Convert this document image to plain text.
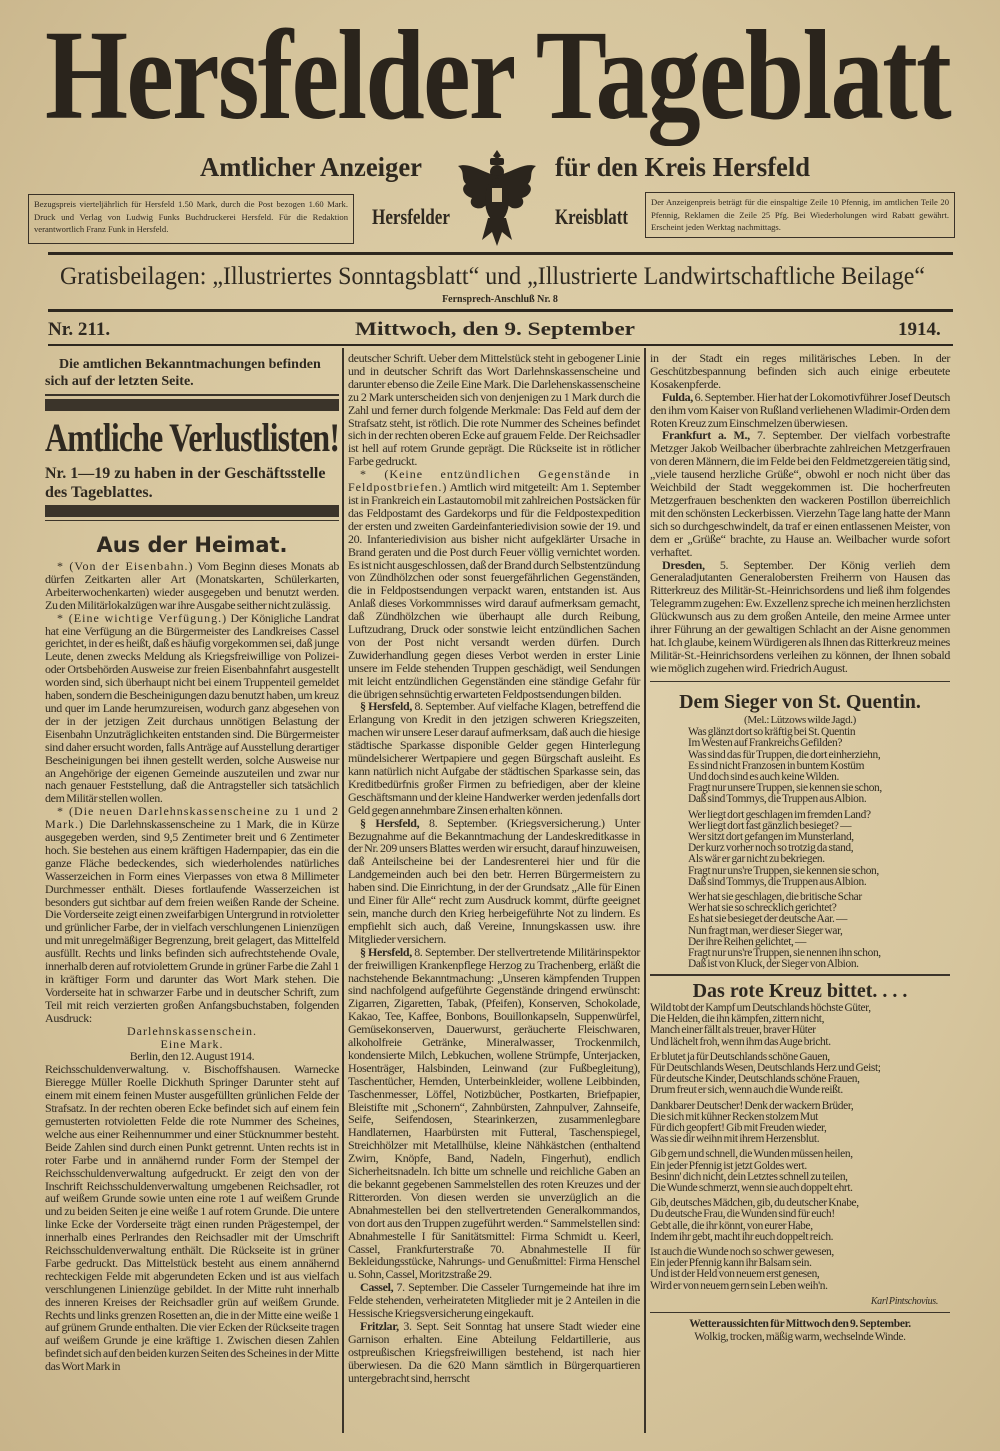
Hersfelder Tageblatt
Amtlicher Anzeiger	für den Kreis Hersfeld
Hersfelder	Kreisblatt
Bezugspreis vierteljährlich für Hersfeld 1.50 Mark, durch die Post bezogen 1.60 Mark. Druck und Verlag von Ludwig Funks Buchdruckerei Hersfeld. Für die Redaktion verantwortlich Franz Funk in Hersfeld.
Der Anzeigenpreis beträgt für die einspaltige Zeile 10 Pfennig, im amtlichen Teile 20 Pfennig, Reklamen die Zeile 25 Pfg. Bei Wiederholungen wird Rabatt gewährt. Erscheint jeden Werktag nachmittags.
Gratisbeilagen: „Illustriertes Sonntagsblatt“ und „Illustrierte Landwirtschaftliche Beilage“
Fernsprech-Anschluß Nr. 8
Nr. 211.	Mittwoch, den 9. September	1914.
Die amtlichen Bekanntmachungen befinden sich auf der letzten Seite.
Amtliche Verlustlisten!
Nr. 1—19 zu haben in der Geschäftsstelle des Tageblattes.
Aus der Heimat.

* (Von der Eisenbahn.) Vom Beginn dieses Monats ab dürfen Zeitkarten aller Art (Monatskarten, Schülerkarten, Arbeiterwochenkarten) wieder ausgegeben und benutzt werden. Zu den Militärlokalzügen war ihre Ausgabe seither nicht zulässig.

* (Eine wichtige Verfügung.) Der Königliche Landrat hat eine Verfügung an die Bürgermeister des Landkreises Cassel gerichtet, in der es heißt, daß es häufig vorgekommen sei, daß junge Leute, denen zwecks Meldung als Kriegsfreiwillige von Polizei- oder Ortsbehörden Ausweise zur freien Eisenbahnfahrt ausgestellt worden sind, sich überhaupt nicht bei einem Truppenteil gemeldet haben, sondern die Bescheinigungen dazu benutzt haben, um kreuz und quer im Lande herumzureisen, wodurch ganz abgesehen von der in der jetzigen Zeit durchaus unnötigen Belastung der Eisenbahn Unzuträglichkeiten entstanden sind. Die Bürgermeister sind daher ersucht worden, falls Anträge auf Ausstellung derartiger Bescheinigungen bei ihnen gestellt werden, solche Ausweise nur an Angehörige der eigenen Gemeinde auszuteilen und zwar nur nach genauer Feststellung, daß die Antragsteller sich tatsächlich dem Militär stellen wollen.

* (Die neuen Darlehnskassenscheine zu 1 und 2 Mark.) Die Darlehnskassenscheine zu 1 Mark, die in Kürze ausgegeben werden, sind 9,5 Zentimeter breit und 6 Zentimeter hoch. Sie bestehen aus einem kräftigen Hadernpapier, das ein die ganze Fläche bedeckendes, sich wiederholendes natürliches Wasserzeichen in Form eines Vierpasses von etwa 8 Millimeter Durchmesser enthält. Dieses fortlaufende Wasserzeichen ist besonders gut sichtbar auf dem freien weißen Rande der Scheine. Die Vorderseite zeigt einen zweifarbigen Untergrund in rotvioletter und grünlicher Farbe, der in vielfach verschlungenen Linienzügen und mit unregelmäßiger Begrenzung, breit gelagert, das Mittelfeld ausfüllt. Rechts und links befinden sich aufrechtstehende Ovale, innerhalb deren auf rotviolettem Grunde in grüner Farbe die Zahl 1 in kräftiger Form und darunter das Wort Mark stehen. Die Vorderseite hat in schwarzer Farbe und in deutscher Schrift, zum Teil mit reich verzierten großen Anfangsbuchstaben, folgenden Ausdruck:

Darlehnskassenschein.
Eine Mark.
Berlin, den 12. August 1914.

Reichsschuldenverwaltung. v. Bischoffshausen. Warnecke Bieregge Müller Roelle Dickhuth Springer Darunter steht auf einem mit einem feinen Muster ausgefüllten grünlichen Felde der Strafsatz. In der rechten oberen Ecke befindet sich auf einem fein gemusterten rotvioletten Felde die rote Nummer des Scheines, welche aus einer Reihennummer und einer Stücknummer besteht. Beide Zahlen sind durch einen Punkt getrennt. Unten rechts ist in roter Farbe und in annähernd runder Form der Stempel der Reichsschuldenverwaltung aufgedruckt. Er zeigt den von der Inschrift Reichsschuldenverwaltung umgebenen Reichsadler, rot auf weißem Grunde sowie unten eine rote 1 auf weißem Grunde und zu beiden Seiten je eine weiße 1 auf rotem Grunde. Die untere linke Ecke der Vorderseite trägt einen runden Prägestempel, der innerhalb eines Perlrandes den Reichsadler mit der Umschrift Reichsschuldenverwaltung enthält. Die Rückseite ist in grüner Farbe gedruckt. Das Mittelstück besteht aus einem annähernd rechteckigen Felde mit abgerundeten Ecken und ist aus vielfach verschlungenen Linienzüge gebildet. In der Mitte ruht innerhalb des inneren Kreises der Reichsadler grün auf weißem Grunde. Rechts und links grenzen Rosetten an, die in der Mitte eine weiße 1 auf grünem Grunde enthalten. Die vier Ecken der Rückseite tragen auf weißem Grunde je eine kräftige 1. Zwischen diesen Zahlen befindet sich auf den beiden kurzen Seiten des Scheines in der Mitte das Wort Mark in

deutscher Schrift. Ueber dem Mittelstück steht in gebogener Linie und in deutscher Schrift das Wort Darlehnskassenscheine und darunter ebenso die Zeile Eine Mark. Die Darlehenskassenscheine zu 2 Mark unterscheiden sich von denjenigen zu 1 Mark durch die Zahl und ferner durch folgende Merkmale: Das Feld auf dem der Strafsatz steht, ist rötlich. Die rote Nummer des Scheines befindet sich in der rechten oberen Ecke auf grauem Felde. Der Reichsadler ist hell auf rotem Grunde geprägt. Die Rückseite ist in rötlicher Farbe gedruckt.

* (Keine entzündlichen Gegenstände in Feldpostbriefen.) Amtlich wird mitgeteilt: Am 1. September ist in Frankreich ein Lastautomobil mit zahlreichen Postsäcken für das Feldpostamt des Gardekorps und für die Feldpostexpedition der ersten und zweiten Gardeinfanteriedivision sowie der 19. und 20. Infanteriedivision aus bisher nicht aufgeklärter Ursache in Brand geraten und die Post durch Feuer völlig vernichtet worden. Es ist nicht ausgeschlossen, daß der Brand durch Selbstentzündung von Zündhölzchen oder sonst feuergefährlichen Gegenständen, die in Feldpostsendungen verpackt waren, entstanden ist. Aus Anlaß dieses Vorkommnisses wird darauf aufmerksam gemacht, daß Zündhölzchen wie überhaupt alle durch Reibung, Luftzudrang, Druck oder sonstwie leicht entzündlichen Sachen von der Post nicht versandt werden dürfen. Durch Zuwiderhandlung gegen dieses Verbot werden in erster Linie unsere im Felde stehenden Truppen geschädigt, weil Sendungen mit leicht entzündlichen Gegenständen eine ständige Gefahr für die übrigen sehnsüchtig erwarteten Feldpostsendungen bilden.

§ Hersfeld, 8. September. Auf vielfache Klagen, betreffend die Erlangung von Kredit in den jetzigen schweren Kriegszeiten, machen wir unsere Leser darauf aufmerksam, daß auch die hiesige städtische Sparkasse disponible Gelder gegen Hinterlegung mündelsicherer Wertpapiere und gegen Bürgschaft ausleiht. Es kann natürlich nicht Aufgabe der städtischen Sparkasse sein, das Kreditbedürfnis großer Firmen zu befriedigen, aber der kleine Geschäftsmann und der kleine Handwerker werden jedenfalls dort Geld gegen annehmbare Zinsen erhalten können.

§ Hersfeld, 8. September. (Kriegsversicherung.) Unter Bezugnahme auf die Bekanntmachung der Landeskreditkasse in der Nr. 209 unsers Blattes werden wir ersucht, darauf hinzuweisen, daß Anteilscheine bei der Landesrenterei hier und für die Landgemeinden auch bei den betr. Herren Bürgermeistern zu haben sind. Die Einrichtung, in der der Grundsatz „Alle für Einen und Einer für Alle“ recht zum Ausdruck kommt, dürfte geeignet sein, manche durch den Krieg herbeigeführte Not zu lindern. Es empfiehlt sich auch, daß Vereine, Innungskassen usw. ihre Mitglieder versichern.

§ Hersfeld, 8. September. Der stellvertretende Militärinspektor der freiwilligen Krankenpflege Herzog zu Trachenberg, erläßt die nachstehende Bekanntmachung: „Unseren kämpfenden Truppen sind nachfolgend aufgeführte Gegenstände dringend erwünscht: Zigarren, Zigaretten, Tabak, (Pfeifen), Konserven, Schokolade, Kakao, Tee, Kaffee, Bonbons, Bouillonkapseln, Suppenwürfel, Gemüsekonserven, Dauerwurst, geräucherte Fleischwaren, alkoholfreie Getränke, Mineralwasser, Trockenmilch, kondensierte Milch, Lebkuchen, wollene Strümpfe, Unterjacken, Hosenträger, Halsbinden, Leinwand (zur Fußbegleitung), Taschentücher, Hemden, Unterbeinkleider, wollene Leibbinden, Taschenmesser, Löffel, Notizbücher, Postkarten, Briefpapier, Bleistifte mit „Schonern“, Zahnbürsten, Zahnpulver, Zahnseife, Seife, Seifendosen, Stearinkerzen, zusammenlegbare Handlaternen, Haarbürsten mit Futteral, Taschenspiegel, Streichhölzer mit Metallhülse, kleine Nähkästchen (enthaltend Zwirn, Knöpfe, Band, Nadeln, Fingerhut), endlich Sicherheitsnadeln. Ich bitte um schnelle und reichliche Gaben an die bekannt gegebenen Sammelstellen des roten Kreuzes und der Ritterorden. Von diesen werden sie unverzüglich an die Abnahmestellen bei den stellvertretenden Generalkommandos, von dort aus den Truppen zugeführt werden.“ Sammelstellen sind: Abnahmestelle I für Sanitätsmittel: Firma Schmidt u. Keerl, Cassel, Frankfurterstraße 70. Abnahmestelle II für Bekleidungsstücke, Nahrungs- und Genußmittel: Firma Henschel u. Sohn, Cassel, Moritzstraße 29.

Cassel, 7. September. Die Casseler Turngemeinde hat ihre im Felde stehenden, verheirateten Mitglieder mit je 2 Anteilen in die Hessische Kriegsversicherung eingekauft.

Fritzlar, 3. Sept. Seit Sonntag hat unsere Stadt wieder eine Garnison erhalten. Eine Abteilung Feldartillerie, aus ostpreußischen Kriegsfreiwilligen bestehend, ist nach hier überwiesen. Da die 620 Mann sämtlich in Bürgerquartieren untergebracht sind, herrscht

in der Stadt ein reges militärisches Leben. In der Geschützbespannung befinden sich auch einige erbeutete Kosakenpferde.

Fulda, 6. September. Hier hat der Lokomotivführer Josef Deutsch den ihm vom Kaiser von Rußland verliehenen Wladimir-Orden dem Roten Kreuz zum Einschmelzen überwiesen.

Frankfurt a. M., 7. September. Der vielfach vorbestrafte Metzger Jakob Weilbacher überbrachte zahlreichen Metzgerfrauen von deren Männern, die im Felde bei den Feldmetzgereien tätig sind, „viele tausend herzliche Grüße“, obwohl er noch nicht über das Weichbild der Stadt weggekommen ist. Die hocherfreuten Metzgerfrauen beschenkten den wackeren Postillon überreichlich mit den schönsten Leckerbissen. Vierzehn Tage lang hatte der Mann sich so durchgeschwindelt, da traf er einen entlassenen Meister, von dem er „Grüße“ brachte, zu Hause an. Weilbacher wurde sofort verhaftet.

Dresden, 5. September. Der König verlieh dem Generaladjutanten Generalobersten Freiherrn von Hausen das Ritterkreuz des Militär-St.-Heinrichsordens und ließ ihm folgendes Telegramm zugehen: Ew. Exzellenz spreche ich meinen herzlichsten Glückwunsch aus zu dem großen Anteile, den meine Armee unter ihrer Führung an der gewaltigen Schlacht an der Aisne genommen hat. Ich glaube, keinem Würdigeren als Ihnen das Ritterkreuz meines Militär-St.-Heinrichsordens verleihen zu können, der Ihnen sobald wie möglich zugehen wird. Friedrich August.

Dem Sieger von St. Quentin.
(Mel.: Lützows wilde Jagd.)
Was glänzt dort so kräftig bei St. Quentin
Im Westen auf Frankreichs Gefilden?
Was sind das für Truppen, die dort einherziehn,
Es sind nicht Franzosen in buntem Kostüm
Und doch sind es auch keine Wilden.
Fragt nur unsere Truppen, sie kennen sie schon,
Daß sind Tommys, die Truppen aus Albion.
Wer liegt dort geschlagen im fremden Land?
Wer liegt dort fast gänzlich besieget? —
Wer sitzt dort gefangen im Munsterland,
Der kurz vorher noch so trotzig da stand,
Als wär er gar nicht zu bekriegen.
Fragt nur uns're Truppen, sie kennen sie schon,
Daß sind Tommys, die Truppen aus Albion.
Wer hat sie geschlagen, die britische Schar
Wer hat sie so schrecklich gerichtet?
Es hat sie besieget der deutsche Aar. —
Nun fragt man, wer dieser Sieger war,
Der ihre Reihen gelichtet, —
Fragt nur uns're Truppen, sie nennen ihn schon,
Daß ist von Kluck, der Sieger von Albion.
Das rote Kreuz bittet. . . .
Wild tobt der Kampf um Deutschlands höchste Güter,
Die Helden, die ihn kämpfen, zittern nicht,
Manch einer fällt als treuer, braver Hüter
Und lächelt froh, wenn ihm das Auge bricht.
Er blutet ja für Deutschlands schöne Gauen,
Für Deutschlands Wesen, Deutschlands Herz und Geist;
Für deutsche Kinder, Deutschlands schöne Frauen,
Drum freut er sich, wenn auch die Wunde reißt.
Dankbarer Deutscher! Denk der wackern Brüder,
Die sich mit kühner Recken stolzem Mut
Für dich geopfert! Gib mit Freuden wieder,
Was sie dir weihn mit ihrem Herzensblut.
Gib gern und schnell, die Wunden müssen heilen,
Ein jeder Pfennig ist jetzt Goldes wert.
Besinn' dich nicht, dein Letztes schnell zu teilen,
Die Wunde schmerzt, wenn sie auch doppelt ehrt.
Gib, deutsches Mädchen, gib, du deutscher Knabe,
Du deutsche Frau, die Wunden sind für euch!
Gebt alle, die ihr könnt, von eurer Habe,
Indem ihr gebt, macht ihr euch doppelt reich.
Ist auch die Wunde noch so schwer gewesen,
Ein jeder Pfennig kann ihr Balsam sein.
Und ist der Held von neuem erst genesen,
Wird er von neuem gern sein Leben weih'n.
Karl Pintschovius.
Wetteraussichten für Mittwoch den 9. September.
Wolkig, trocken, mäßig warm, wechselnde Winde.
